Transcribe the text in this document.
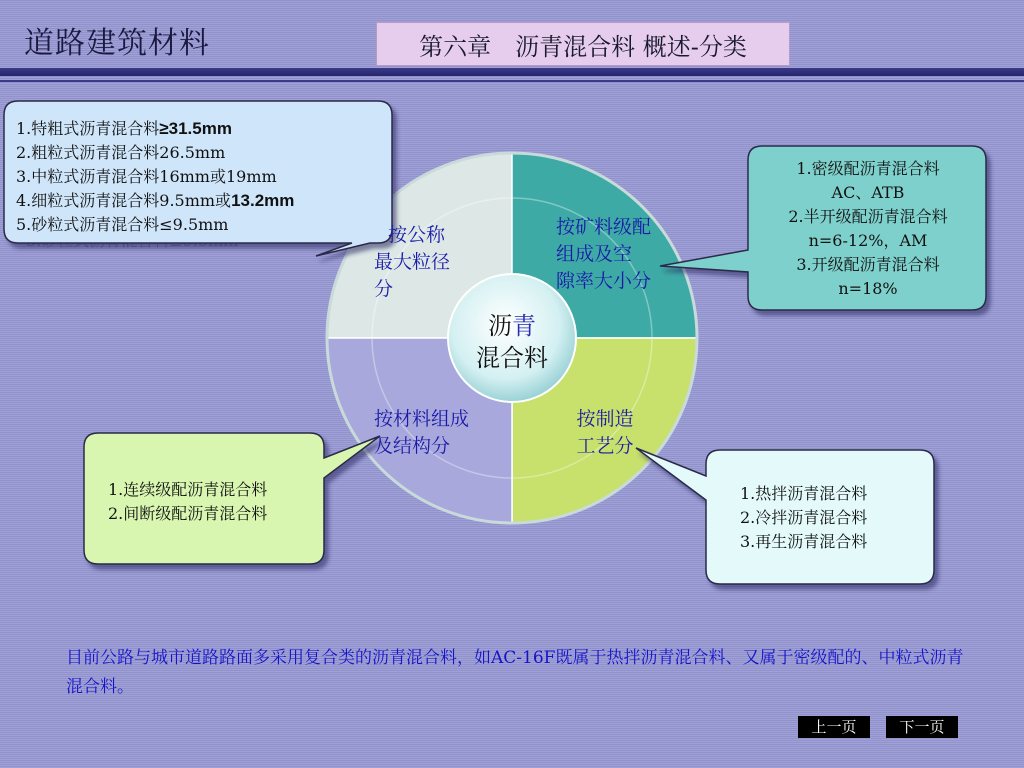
道路建筑材料	第六章　沥青混合料 概述-分类
按公称
最大粒径
分
按矿料级配
组成及空
隙率大小分
按材料组成
及结构分
按制造
工艺分
沥青
混合料
1.特粗式沥青混合料≥31.5mm
2.粗粒式沥青混合料26.5mm
3.中粒式沥青混合料16mm或19mm
4.细粒式沥青混合料9.5mm或13.2mm
5.砂粒式沥青混合料≤9.5mm
1.密级配沥青混合料
AC、ATB
2.半开级配沥青混合料
n=6-12%，AM
3.开级配沥青混合料
n=18%
1.连续级配沥青混合料
2.间断级配沥青混合料
1.热拌沥青混合料
2.冷拌沥青混合料
3.再生沥青混合料
目前公路与城市道路路面多采用复合类的沥青混合料，如AC-16F既属于热拌沥青混合料、又属于密级配的、中粒式沥青混合料。
上一页	下一页
